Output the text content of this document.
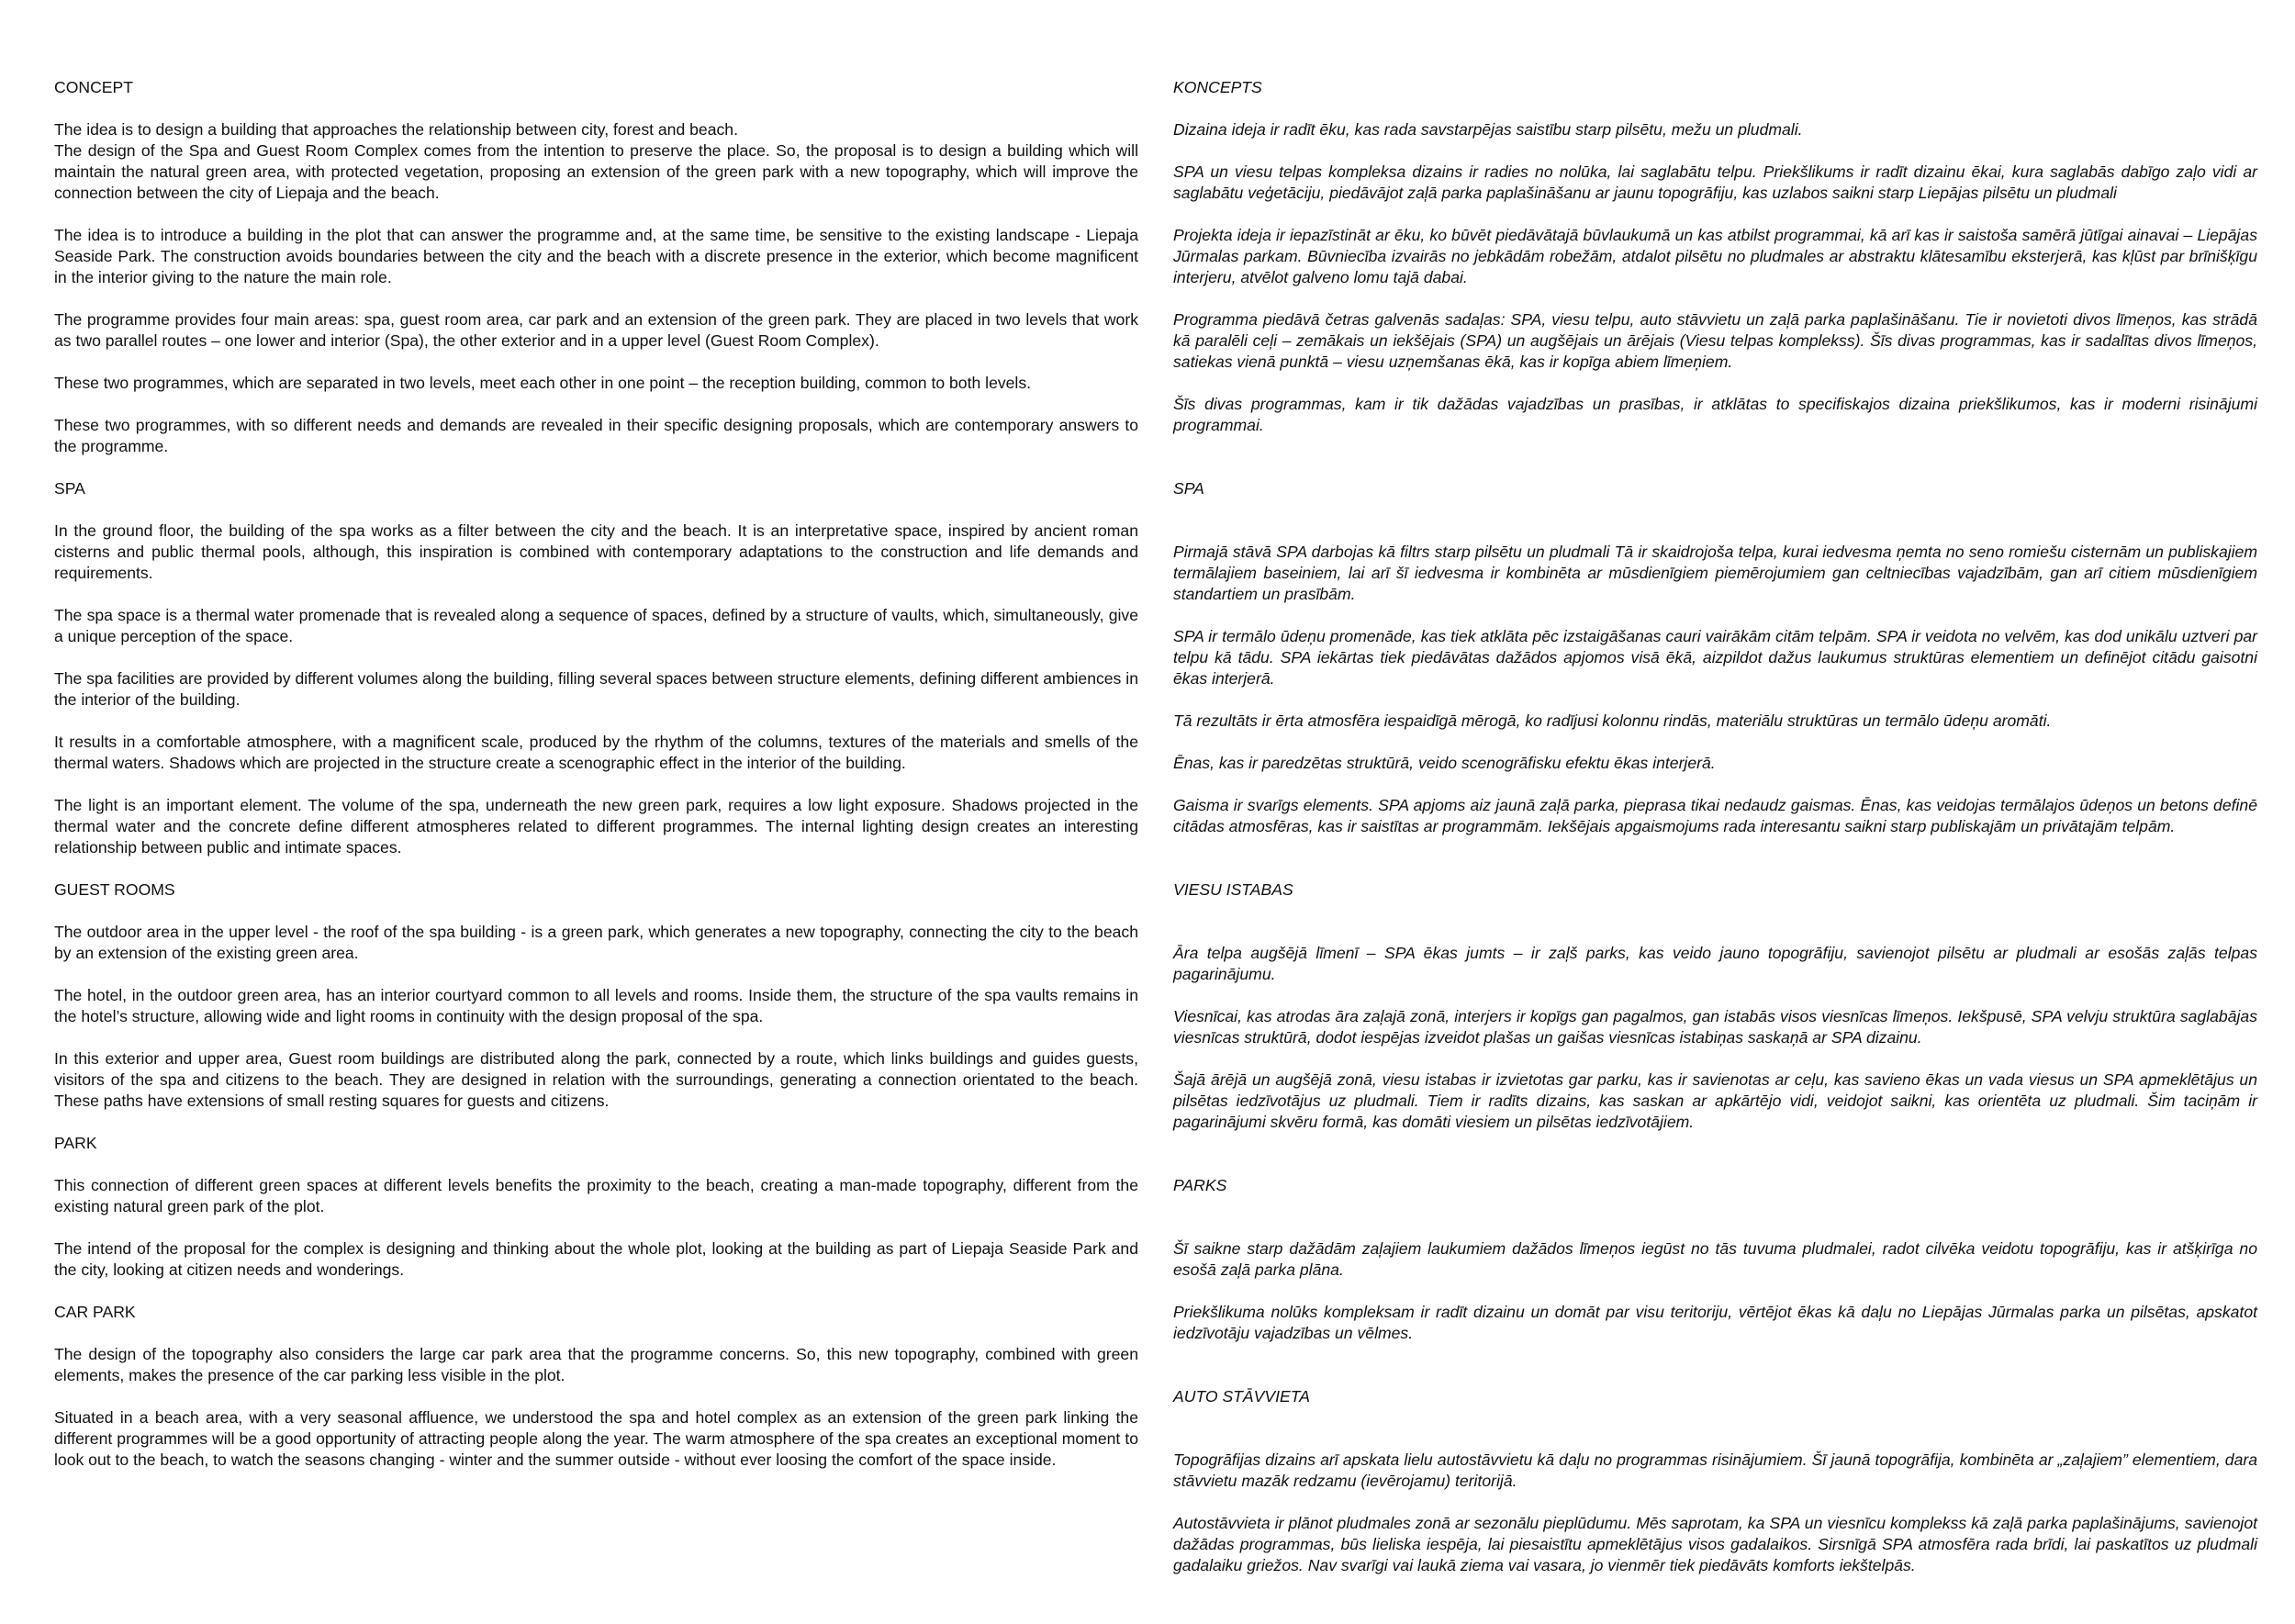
CONCEPT
The idea is to design a building that approaches the relationship between city, forest and beach.
The design of the Spa and Guest Room Complex comes from the intention to preserve the place. So, the proposal is to design a building which will maintain the natural green area, with protected vegetation, proposing an extension of the green park with a new topography, which will improve the connection between the city of Liepaja and the beach.
The idea is to introduce a building in the plot that can answer the programme and, at the same time, be sensitive to the existing landscape - Liepaja Seaside Park. The construction avoids boundaries between the city and the beach with a discrete presence in the exterior, which become magnificent in the interior giving to the nature the main role.
The programme provides four main areas: spa, guest room area, car park and an extension of the green park. They are placed in two levels that work as two parallel routes – one lower and interior (Spa), the other exterior and in a upper level (Guest Room Complex).
These two programmes, which are separated in two levels, meet each other in one point – the reception building, common to both levels.
These two programmes, with so different needs and demands are revealed in their specific designing proposals, which are contemporary answers to the programme.
SPA
In the ground floor, the building of the spa works as a filter between the city and the beach. It is an interpretative space, inspired by ancient roman cisterns and public thermal pools, although, this inspiration is combined with contemporary adaptations to the construction and life demands and requirements.
The spa space is a thermal water promenade that is revealed along a sequence of spaces, defined by a structure of vaults, which, simultaneously, give a unique perception of the space.
The spa facilities are provided by different volumes along the building, filling several spaces between structure elements, defining different ambiences in the interior of the building.
It results in a comfortable atmosphere, with a magnificent scale, produced by the rhythm of the columns, textures of the materials and smells of the thermal waters. Shadows which are projected in the structure create a scenographic effect in the interior of the building.
The light is an important element. The volume of the spa, underneath the new green park, requires a low light exposure. Shadows projected in the thermal water and the concrete define different atmospheres related to different programmes. The internal lighting design creates an interesting relationship between public and intimate spaces.
GUEST ROOMS
The outdoor area in the upper level - the roof of the spa building - is a green park, which generates a new topography, connecting the city to the beach by an extension of the existing green area.
The hotel, in the outdoor green area, has an interior courtyard common to all levels and rooms. Inside them, the structure of the spa vaults remains in the hotel’s structure, allowing wide and light rooms in continuity with the design proposal of the spa.
In this exterior and upper area, Guest room buildings are distributed along the park, connected by a route, which links buildings and guides guests, visitors of the spa and citizens to the beach. They are designed in relation with the surroundings, generating a connection orientated to the beach. These paths have extensions of small resting squares for guests and citizens.
PARK
This connection of different green spaces at different levels benefits the proximity to the beach, creating a man-made topography, different from the existing natural green park of the plot.
The intend of the proposal for the complex is designing and thinking about the whole plot, looking at the building as part of Liepaja Seaside Park and the city, looking at citizen needs and wonderings.
CAR PARK
The design of the topography also considers the large car park area that the programme concerns. So, this new topography, combined with green elements, makes the presence of the car parking less visible in the plot.
Situated in a beach area, with a very seasonal affluence, we understood the spa and hotel complex as an extension of the green park linking the different programmes will be a good opportunity of attracting people along the year. The warm atmosphere of the spa creates an exceptional moment to look out to the beach, to watch the seasons changing - winter and the summer outside - without ever loosing the comfort of the space inside.
KONCEPTS
Dizaina ideja ir radīt ēku, kas rada savstarpējas saistību starp pilsētu, mežu un pludmali.
SPA un viesu telpas kompleksa dizains ir radies no nolūka, lai saglabātu telpu. Priekšlikums ir radīt dizainu ēkai, kura saglabās dabīgo zaļo vidi ar saglabātu veģetāciju, piedāvājot zaļā parka paplašināšanu ar jaunu topogrāfiju, kas uzlabos saikni starp Liepājas pilsētu un pludmali
Projekta ideja ir iepazīstināt ar ēku, ko būvēt piedāvātajā būvlaukumā un kas atbilst programmai, kā arī kas ir saistoša samērā jūtīgai ainavai – Liepājas Jūrmalas parkam. Būvniecība izvairās no jebkādām robežām, atdalot pilsētu no pludmales ar abstraktu klātesamību eksterjerā, kas kļūst par brīnišķīgu interjeru, atvēlot galveno lomu tajā dabai.
Programma piedāvā četras galvenās sadaļas: SPA, viesu telpu, auto stāvvietu un zaļā parka paplašināšanu. Tie ir novietoti divos līmeņos, kas strādā kā paralēli ceļi – zemākais un iekšējais (SPA) un augšējais un ārējais (Viesu telpas komplekss). Šīs divas programmas, kas ir sadalītas divos līmeņos, satiekas vienā punktā – viesu uzņemšanas ēkā, kas ir kopīga abiem līmeņiem.
Šīs divas programmas, kam ir tik dažādas vajadzības un prasības, ir atklātas to specifiskajos dizaina priekšlikumos, kas ir moderni risinājumi programmai.
SPA
Pirmajā stāvā SPA darbojas kā filtrs starp pilsētu un pludmali Tā ir skaidrojoša telpa, kurai iedvesma ņemta no seno romiešu cisternām un publiskajiem termālajiem baseiniem, lai arī šī iedvesma ir kombinēta ar mūsdienīgiem piemērojumiem gan celtniecības vajadzībām, gan arī citiem mūsdienīgiem standartiem un prasībām.
SPA ir termālo ūdeņu promenāde, kas tiek atklāta pēc izstaigāšanas cauri vairākām citām telpām. SPA ir veidota no velvēm, kas dod unikālu uztveri par telpu kā tādu. SPA iekārtas tiek piedāvātas dažādos apjomos visā ēkā, aizpildot dažus laukumus struktūras elementiem un definējot citādu gaisotni ēkas interjerā.
Tā rezultāts ir ērta atmosfēra iespaidīgā mērogā, ko radījusi kolonnu rindās, materiālu struktūras un termālo ūdeņu aromāti.
Ēnas, kas ir paredzētas struktūrā, veido scenogrāfisku efektu ēkas interjerā.
Gaisma ir svarīgs elements. SPA apjoms aiz jaunā zaļā parka, pieprasa tikai nedaudz gaismas. Ēnas, kas veidojas termālajos ūdeņos un betons definē citādas atmosfēras, kas ir saistītas ar programmām. Iekšējais apgaismojums rada interesantu saikni starp publiskajām un privātajām telpām.
VIESU ISTABAS
Āra telpa augšējā līmenī – SPA ēkas jumts – ir zaļš parks, kas veido jauno topogrāfiju, savienojot pilsētu ar pludmali ar esošās zaļās telpas pagarinājumu.
Viesnīcai, kas atrodas āra zaļajā zonā, interjers ir kopīgs gan pagalmos, gan istabās visos viesnīcas līmeņos. Iekšpusē, SPA velvju struktūra saglabājas viesnīcas struktūrā, dodot iespējas izveidot plašas un gaišas viesnīcas istabiņas saskaņā ar SPA dizainu.
Šajā ārējā un augšējā zonā, viesu istabas ir izvietotas gar parku, kas ir savienotas ar ceļu, kas savieno ēkas un vada viesus un SPA apmeklētājus un pilsētas iedzīvotājus uz pludmali. Tiem ir radīts dizains, kas saskan ar apkārtējo vidi, veidojot saikni, kas orientēta uz pludmali. Šim taciņām ir pagarinājumi skvēru formā, kas domāti viesiem un pilsētas iedzīvotājiem.
PARKS
Šī saikne starp dažādām zaļajiem laukumiem dažādos līmeņos iegūst no tās tuvuma pludmalei, radot cilvēka veidotu topogrāfiju, kas ir atšķirīga no esošā zaļā parka plāna.
Priekšlikuma nolūks kompleksam ir radīt dizainu un domāt par visu teritoriju, vērtējot ēkas kā daļu no Liepājas Jūrmalas parka un pilsētas, apskatot iedzīvotāju vajadzības un vēlmes.
AUTO STĀVVIETA
Topogrāfijas dizains arī apskata lielu autostāvvietu kā daļu no programmas risinājumiem. Šī jaunā topogrāfija, kombinēta ar „zaļajiem” elementiem, dara stāvvietu mazāk redzamu (ievērojamu) teritorijā.
Autostāvvieta ir plānot pludmales zonā ar sezonālu pieplūdumu. Mēs saprotam, ka SPA un viesnīcu komplekss kā zaļā parka paplašinājums, savienojot dažādas programmas, būs lieliska iespēja, lai piesaistītu apmeklētājus visos gadalaikos. Sirsnīgā SPA atmosfēra rada brīdi, lai paskatītos uz pludmali gadalaiku griežos. Nav svarīgi vai laukā ziema vai vasara, jo vienmēr tiek piedāvāts komforts iekštelpās.
